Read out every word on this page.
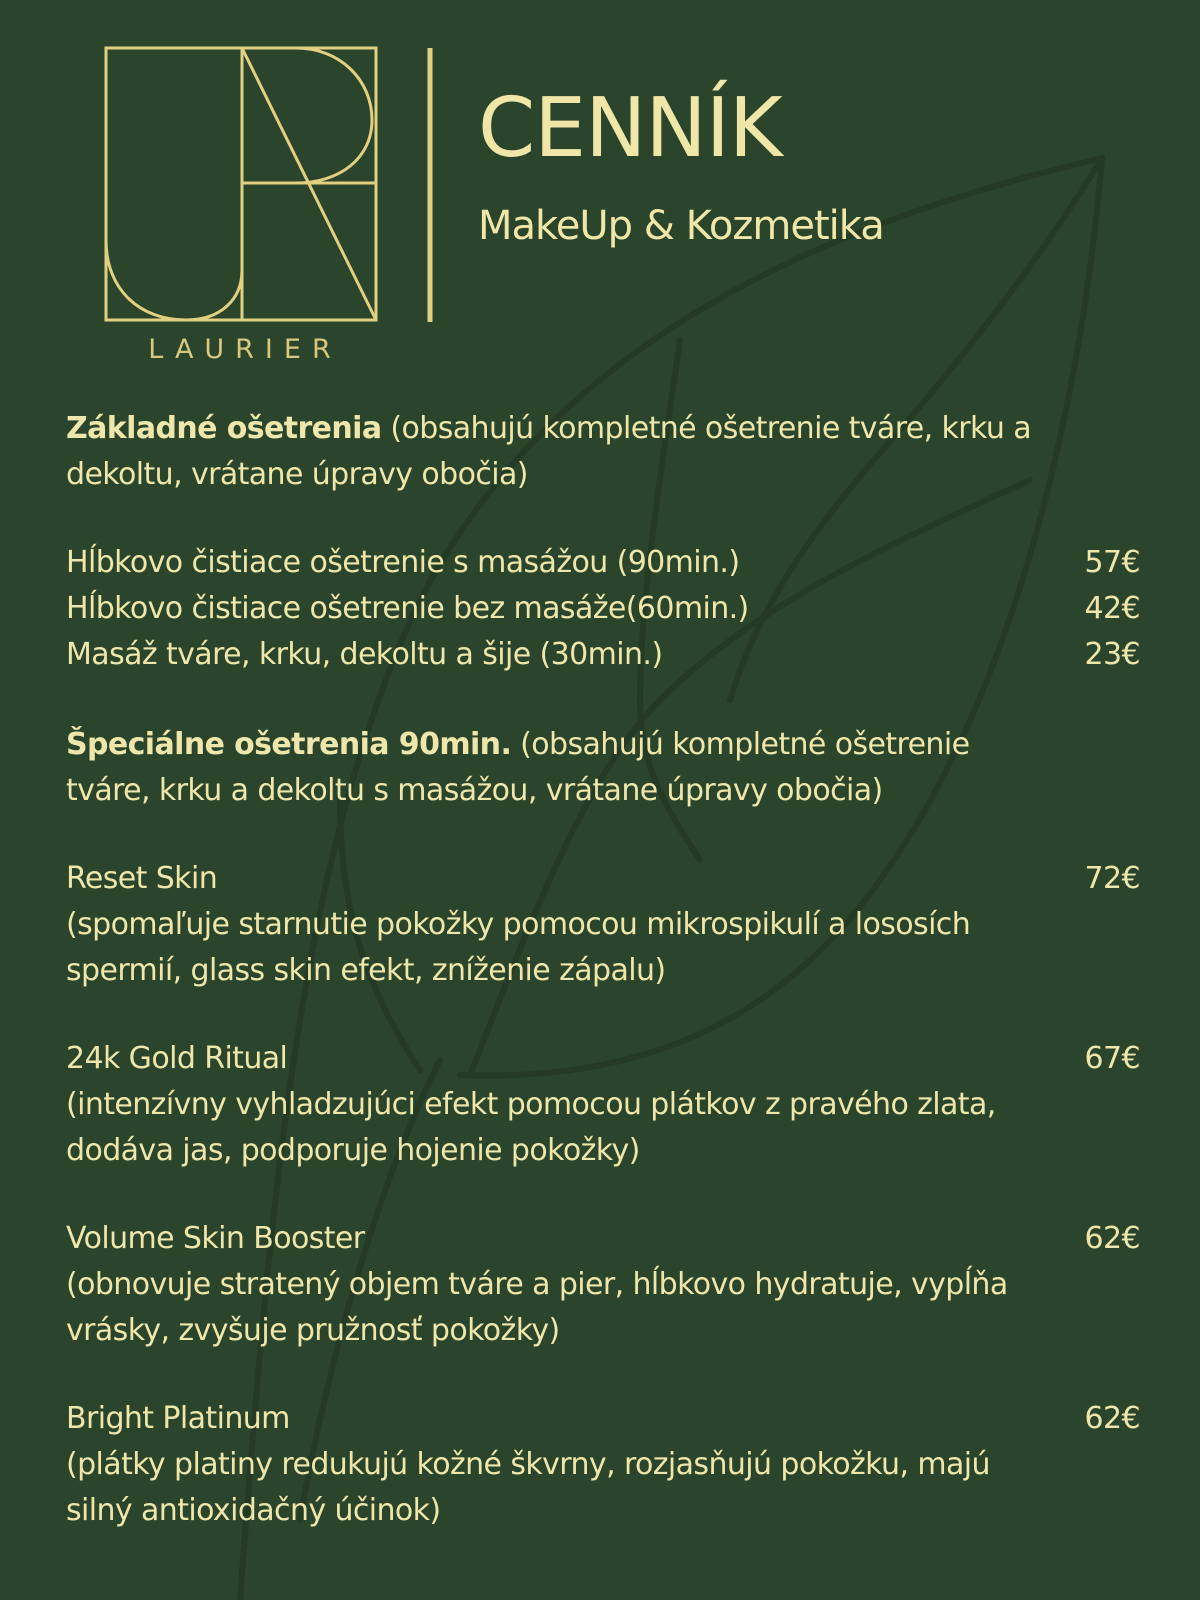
LAURIER
CENNÍK
MakeUp & Kozmetika
Základné ošetrenia (obsahujú kompletné ošetrenie tváre, krku a dekoltu, vrátane úpravy obočia)
Hĺbkovo čistiace ošetrenie s masážou (90min.)	57€
Hĺbkovo čistiace ošetrenie bez masáže(60min.)	42€
Masáž tváre, krku, dekoltu a šije (30min.)	23€
Špeciálne ošetrenia 90min. (obsahujú kompletné ošetrenie tváre, krku a dekoltu s masážou, vrátane úpravy obočia)
Reset Skin	72€
(spomaľuje starnutie pokožky pomocou mikrospikulí a lososích spermií, glass skin efekt, zníženie zápalu)
24k Gold Ritual	67€
(intenzívny vyhladzujúci efekt pomocou plátkov z pravého zlata, dodáva jas, podporuje hojenie pokožky)
Volume Skin Booster	62€
(obnovuje stratený objem tváre a pier, hĺbkovo hydratuje, vypĺňa vrásky, zvyšuje pružnosť pokožky)
Bright Platinum	62€
(plátky platiny redukujú kožné škvrny, rozjasňujú pokožku, majú silný antioxidačný účinok)
